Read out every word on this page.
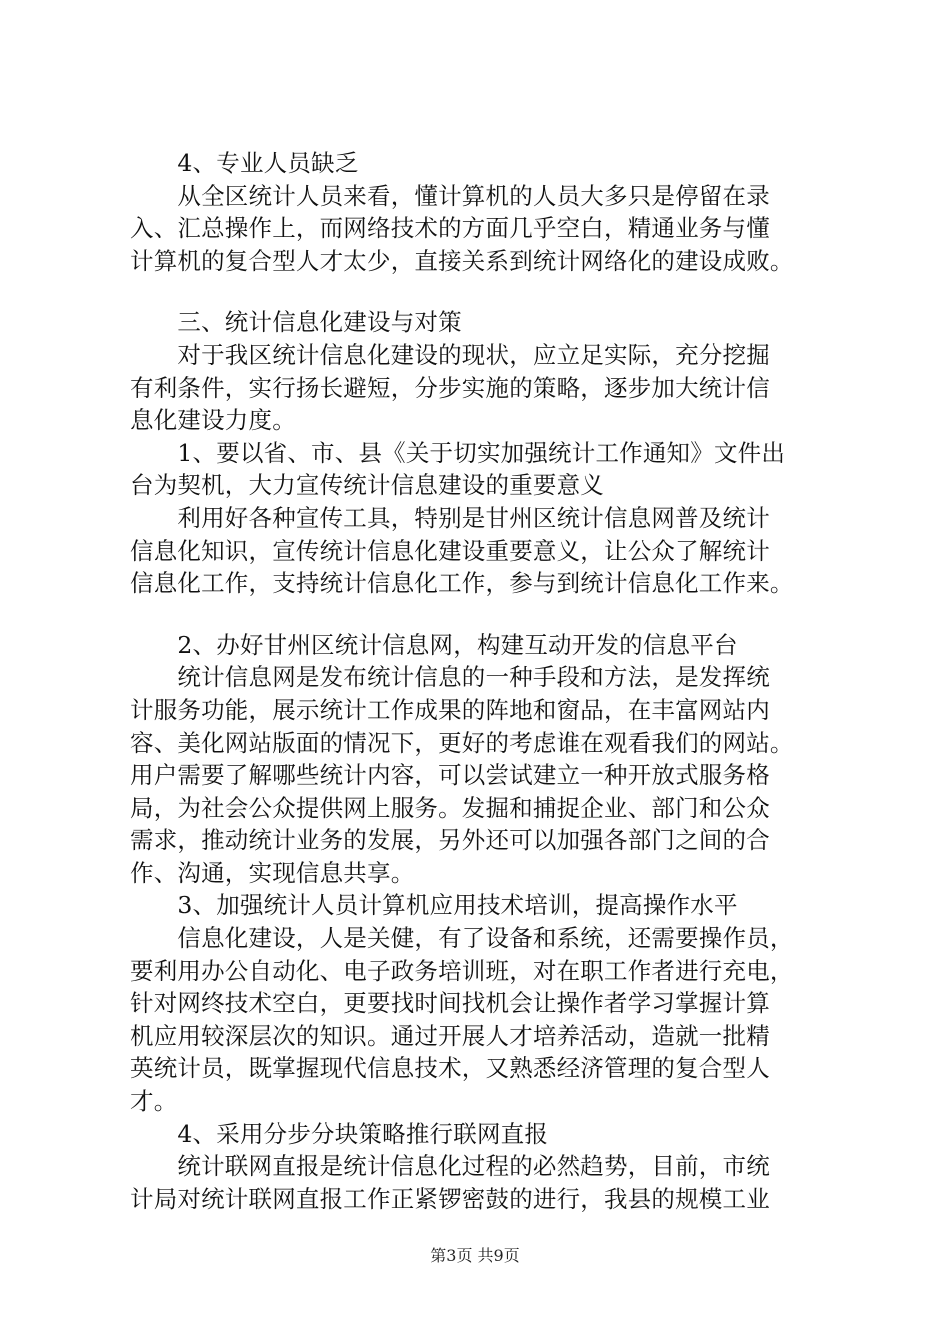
　　4、专业人员缺乏
　　从全区统计人员来看，懂计算机的人员大多只是停留在录
入、汇总操作上，而网络技术的方面几乎空白，精通业务与懂
计算机的复合型人才太少，直接关系到统计网络化的建设成败。
　　三、统计信息化建设与对策
　　对于我区统计信息化建设的现状，应立足实际，充分挖掘
有利条件，实行扬长避短，分步实施的策略，逐步加大统计信
息化建设力度。
　　1、要以省、市、县《关于切实加强统计工作通知》文件出
台为契机，大力宣传统计信息建设的重要意义
　　利用好各种宣传工具，特别是甘州区统计信息网普及统计
信息化知识，宣传统计信息化建设重要意义，让公众了解统计
信息化工作，支持统计信息化工作，参与到统计信息化工作来。
　　2、办好甘州区统计信息网，构建互动开发的信息平台
　　统计信息网是发布统计信息的一种手段和方法，是发挥统
计服务功能，展示统计工作成果的阵地和窗品，在丰富网站内
容、美化网站版面的情况下，更好的考虑谁在观看我们的网站。
用户需要了解哪些统计内容，可以尝试建立一种开放式服务格
局，为社会公众提供网上服务。发掘和捕捉企业、部门和公众
需求，推动统计业务的发展，另外还可以加强各部门之间的合
作、沟通，实现信息共享。
　　3、加强统计人员计算机应用技术培训，提高操作水平
　　信息化建设，人是关健，有了设备和系统，还需要操作员，
要利用办公自动化、电子政务培训班，对在职工作者进行充电，
针对网终技术空白，更要找时间找机会让操作者学习掌握计算
机应用较深层次的知识。通过开展人才培养活动，造就一批精
英统计员，既掌握现代信息技术，又熟悉经济管理的复合型人
才。
　　4、采用分步分块策略推行联网直报
　　统计联网直报是统计信息化过程的必然趋势，目前，市统
计局对统计联网直报工作正紧锣密鼓的进行，我县的规模工业
第3页 共9页
